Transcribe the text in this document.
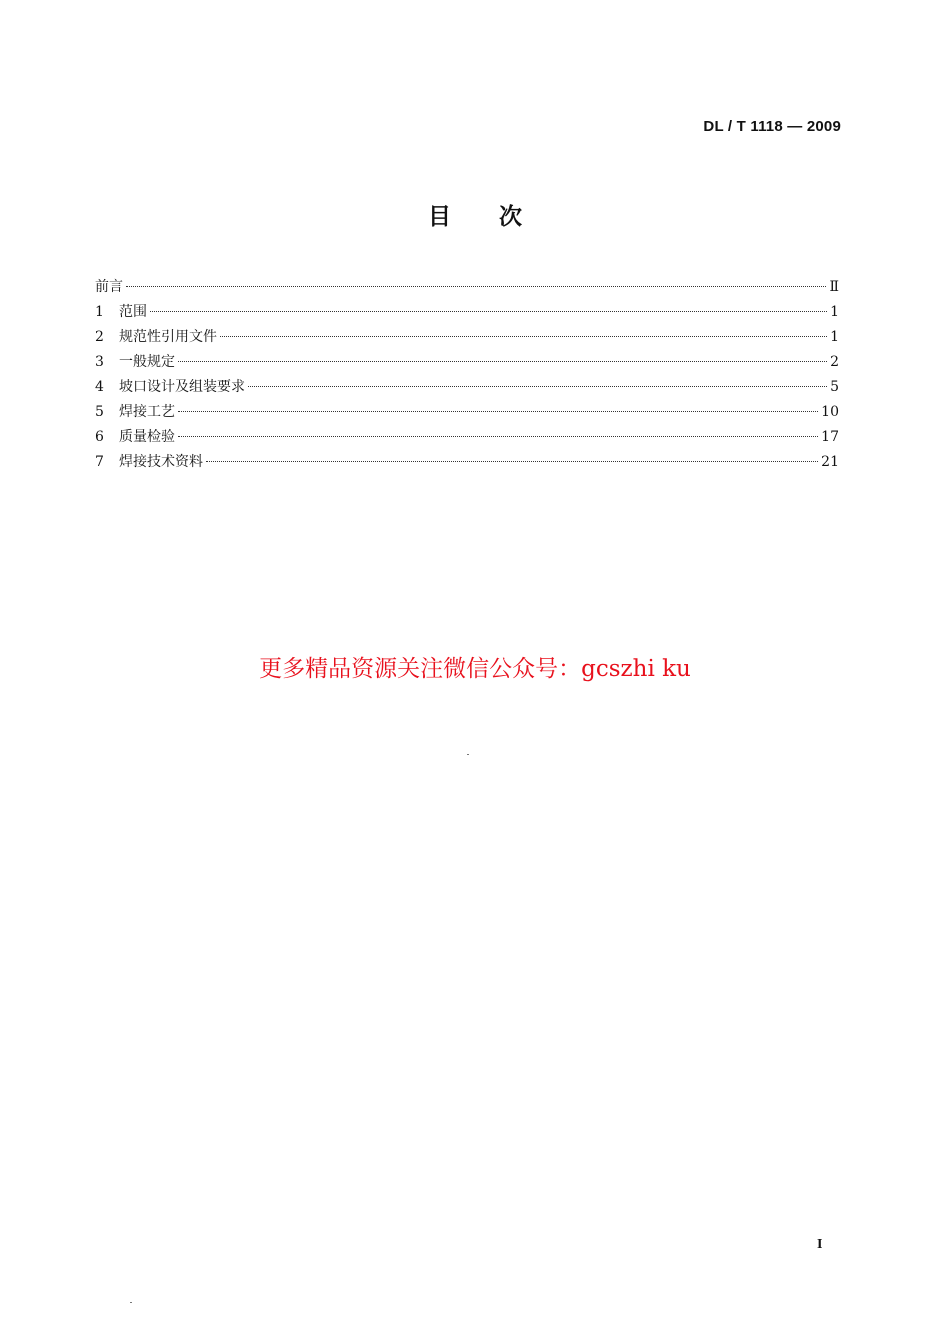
DL / T 1118 — 2009
目 次
前言	Ⅱ
1	范围	1
2	规范性引用文件	1
3	一般规定	2
4	坡口设计及组装要求	5
5	焊接工艺	10
6	质量检验	17
7	焊接技术资料	21
更多精品资源关注微信公众号：gcszhi ku
I
